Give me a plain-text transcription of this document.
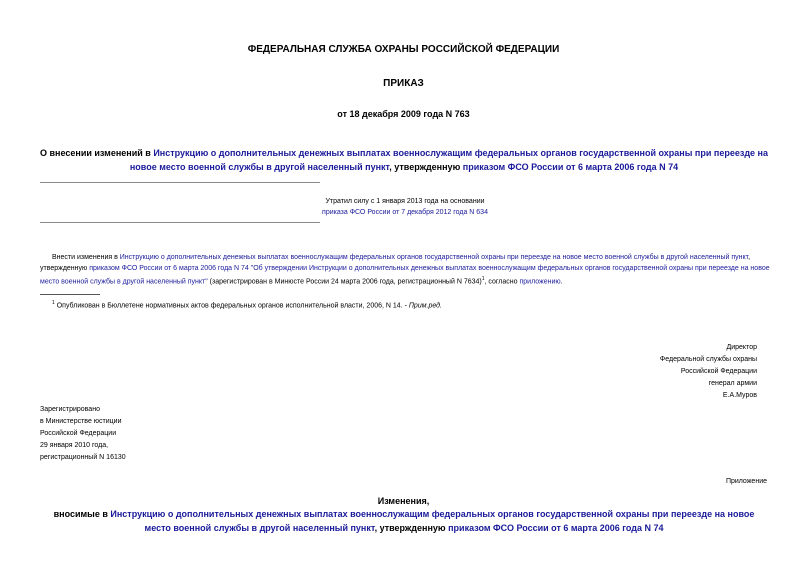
ФЕДЕРАЛЬНАЯ СЛУЖБА ОХРАНЫ РОССИЙСКОЙ ФЕДЕРАЦИИ
ПРИКАЗ
от 18 декабря 2009 года N 763
О внесении изменений в Инструкцию о дополнительных денежных выплатах военнослужащим федеральных органов государственной охраны при переезде на новое место военной службы в другой населенный пункт, утвержденную приказом ФСО России от 6 марта 2006 года N 74
Утратил силу с 1 января 2013 года на основании
приказа ФСО России от 7 декабря 2012 года N 634
Внести изменения в Инструкцию о дополнительных денежных выплатах военнослужащим федеральных органов государственной охраны при переезде на новое место военной службы в другой населенный пункт, утвержденную приказом ФСО России от 6 марта 2006 года N 74 "Об утверждении Инструкции о дополнительных денежных выплатах военнослужащим федеральных органов государственной охраны при переезде на новое место военной службы в другой населенный пункт" (зарегистрирован в Минюсте России 24 марта 2006 года, регистрационный N 7634)$^1$, согласно приложению.
$^1$ Опубликован в Бюллетене нормативных актов федеральных органов исполнительной власти, 2006, N 14. - Прим.ред.
Директор
Федеральной службы охраны
Российской Федерации
генерал армии
Е.А.Муров
Зарегистрировано
в Министерстве юстиции
Российской Федерации
29 января 2010 года,
регистрационный N 16130
Приложение
Изменения,
вносимые в Инструкцию о дополнительных денежных выплатах военнослужащим федеральных органов государственной охраны при переезде на новое место военной службы в другой населенный пункт, утвержденную приказом ФСО России от 6 марта 2006 года N 74
